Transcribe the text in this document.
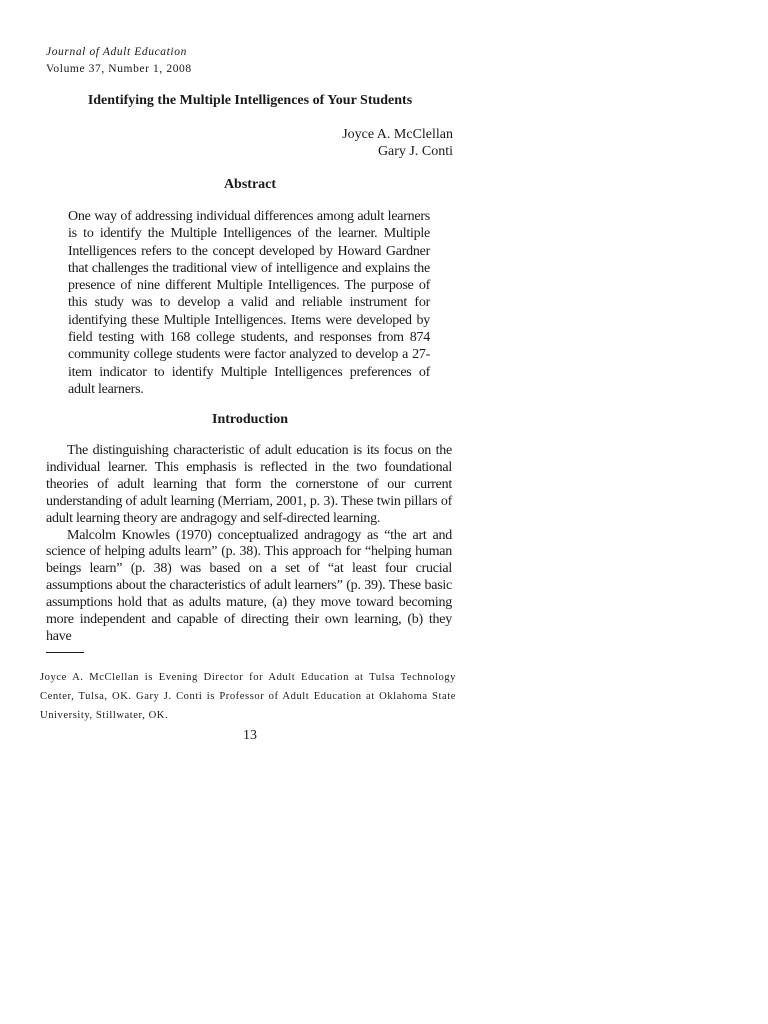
Journal of Adult Education
Volume 37, Number 1, 2008
Identifying the Multiple Intelligences of Your Students
Joyce A. McClellan
Gary J. Conti
Abstract
One way of addressing individual differences among adult learners is to identify the Multiple Intelligences of the learner. Multiple Intelligences refers to the concept developed by Howard Gardner that challenges the traditional view of intelligence and explains the presence of nine different Multiple Intelligences. The purpose of this study was to develop a valid and reliable instrument for identifying these Multiple Intelligences. Items were developed by field testing with 168 college students, and responses from 874 community college students were factor analyzed to develop a 27-item indicator to identify Multiple Intelligences preferences of adult learners.
Introduction

The distinguishing characteristic of adult education is its focus on the individual learner. This emphasis is reflected in the two foundational theories of adult learning that form the cornerstone of our current understanding of adult learning (Merriam, 2001, p. 3). These twin pillars of adult learning theory are andragogy and self-directed learning.

Malcolm Knowles (1970) conceptualized andragogy as “the art and science of helping adults learn” (p. 38). This approach for “helping human beings learn” (p. 38) was based on a set of “at least four crucial assumptions about the characteristics of adult learners” (p. 39). These basic assumptions hold that as adults mature, (a) they move toward becoming more independent and capable of directing their own learning, (b) they have

Joyce A. McClellan is Evening Director for Adult Education at Tulsa Technology Center, Tulsa, OK. Gary J. Conti is Professor of Adult Education at Oklahoma State University, Stillwater, OK.
13
